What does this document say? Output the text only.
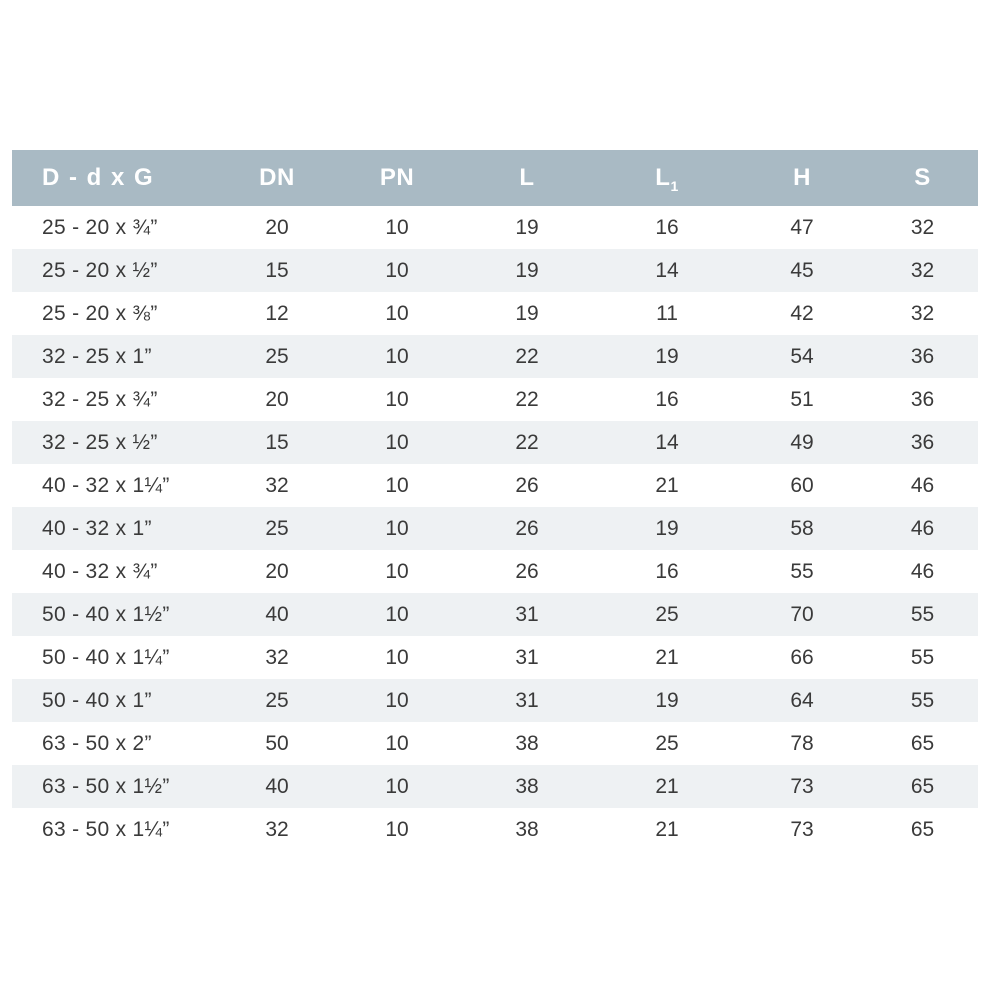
D - d x G	DN	PN	L	$L_1$	H	S
25 - 20 x ¾”	20	10	19	16	47	32
25 - 20 x ½”	15	10	19	14	45	32
25 - 20 x ⅜”	12	10	19	11	42	32
32 - 25 x 1”	25	10	22	19	54	36
32 - 25 x ¾”	20	10	22	16	51	36
32 - 25 x ½”	15	10	22	14	49	36
40 - 32 x 1¼”	32	10	26	21	60	46
40 - 32 x 1”	25	10	26	19	58	46
40 - 32 x ¾”	20	10	26	16	55	46
50 - 40 x 1½”	40	10	31	25	70	55
50 - 40 x 1¼”	32	10	31	21	66	55
50 - 40 x 1”	25	10	31	19	64	55
63 - 50 x 2”	50	10	38	25	78	65
63 - 50 x 1½”	40	10	38	21	73	65
63 - 50 x 1¼”	32	10	38	21	73	65
